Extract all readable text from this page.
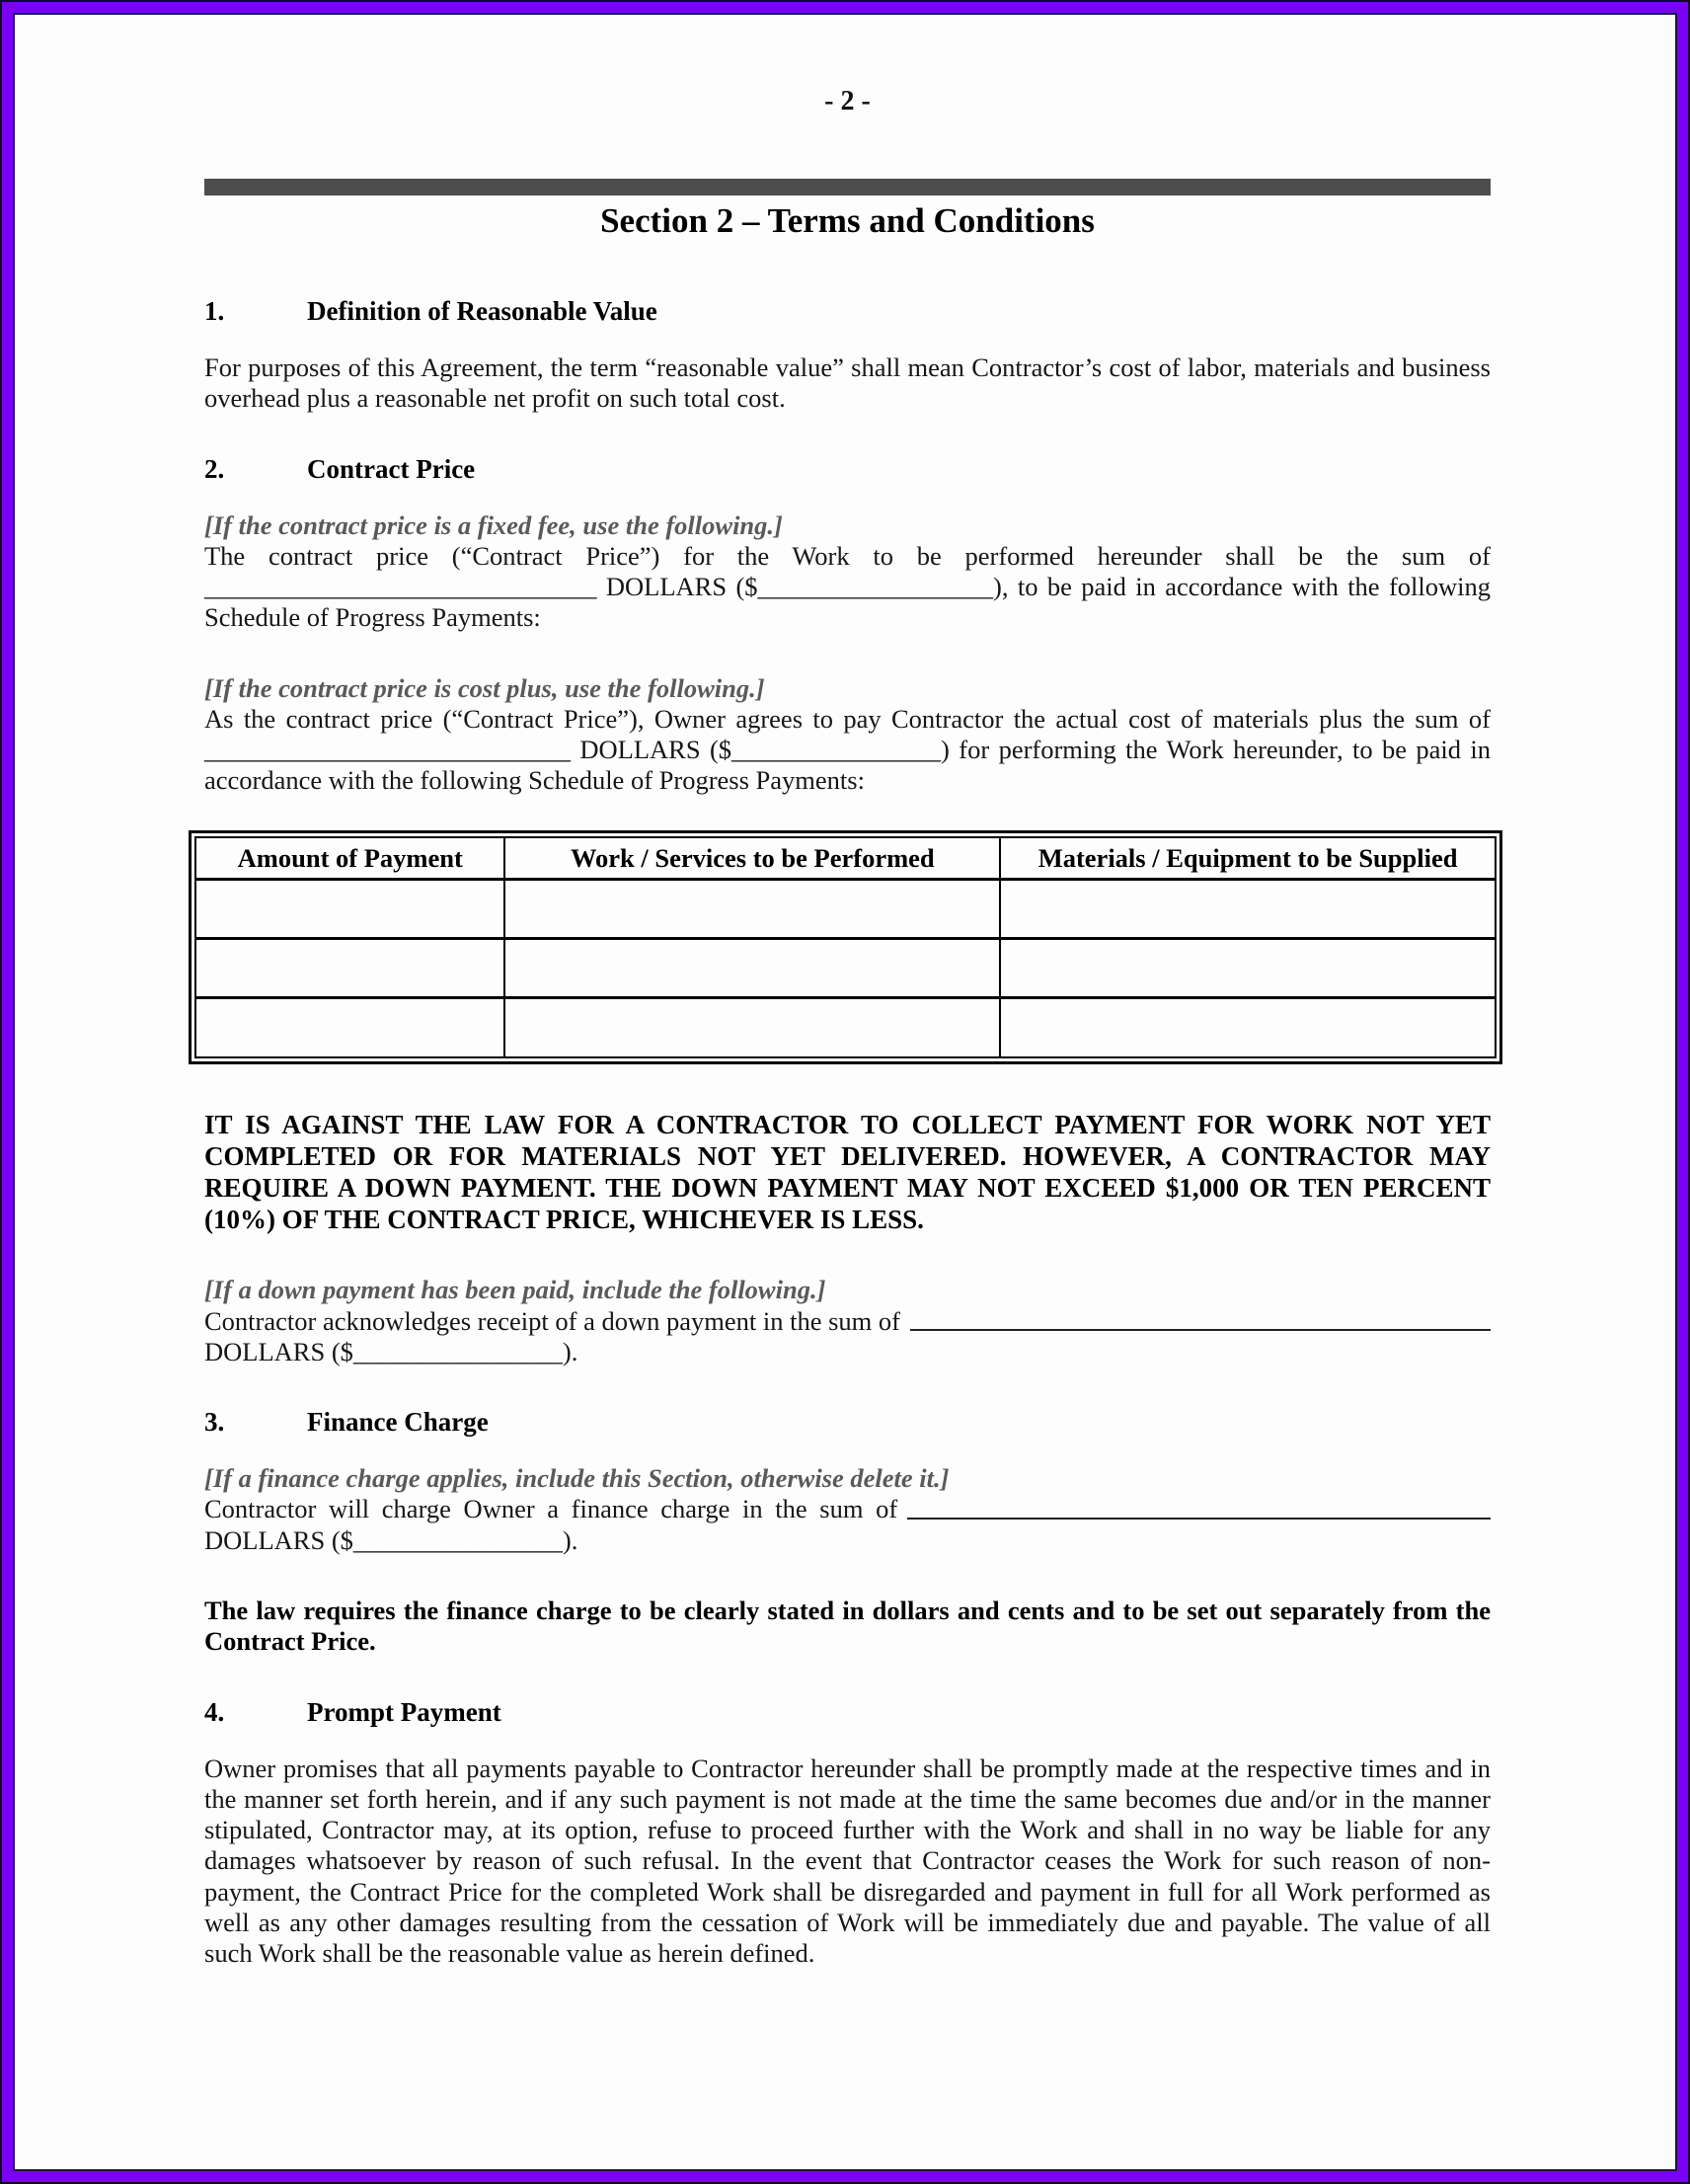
- 2 -
Section 2 – Terms and Conditions
1.	Definition of Reasonable Value

For purposes of this Agreement, the term “reasonable value” shall mean Contractor’s cost of labor, materials and business overhead plus a reasonable net profit on such total cost.

2.	Contract Price

[If the contract price is a fixed fee, use the following.]

The contract price (“Contract Price”) for the Work to be performed hereunder shall be the sum of ______________________________ DOLLARS ($__________________), to be paid in accordance with the following Schedule of Progress Payments:

[If the contract price is cost plus, use the following.]

As the contract price (“Contract Price”), Owner agrees to pay Contractor the actual cost of materials plus the sum of ____________________________ DOLLARS ($________________) for performing the Work hereunder, to be paid in accordance with the following Schedule of Progress Payments:

Amount of Payment	Work / Services to be Performed	Materials / Equipment to be Supplied

IT IS AGAINST THE LAW FOR A CONTRACTOR TO COLLECT PAYMENT FOR WORK NOT YET COMPLETED OR FOR MATERIALS NOT YET DELIVERED. HOWEVER, A CONTRACTOR MAY REQUIRE A DOWN PAYMENT. THE DOWN PAYMENT MAY NOT EXCEED $1,000 OR TEN PERCENT (10%) OF THE CONTRACT PRICE, WHICHEVER IS LESS.

[If a down payment has been paid, include the following.]

Contractor acknowledges receipt of a down payment in the sum of
DOLLARS ($________________).
3.	Finance Charge

[If a finance charge applies, include this Section, otherwise delete it.]

Contractor will charge Owner a finance charge in the sum of
DOLLARS ($________________).

The law requires the finance charge to be clearly stated in dollars and cents and to be set out separately from the Contract Price.

4.	Prompt Payment

Owner promises that all payments payable to Contractor hereunder shall be promptly made at the respective times and in the manner set forth herein, and if any such payment is not made at the time the same becomes due and/or in the manner stipulated, Contractor may, at its option, refuse to proceed further with the Work and shall in no way be liable for any damages whatsoever by reason of such refusal. In the event that Contractor ceases the Work for such reason of non-payment, the Contract Price for the completed Work shall be disregarded and payment in full for all Work performed as well as any other damages resulting from the cessation of Work will be immediately due and payable. The value of all such Work shall be the reasonable value as herein defined.
